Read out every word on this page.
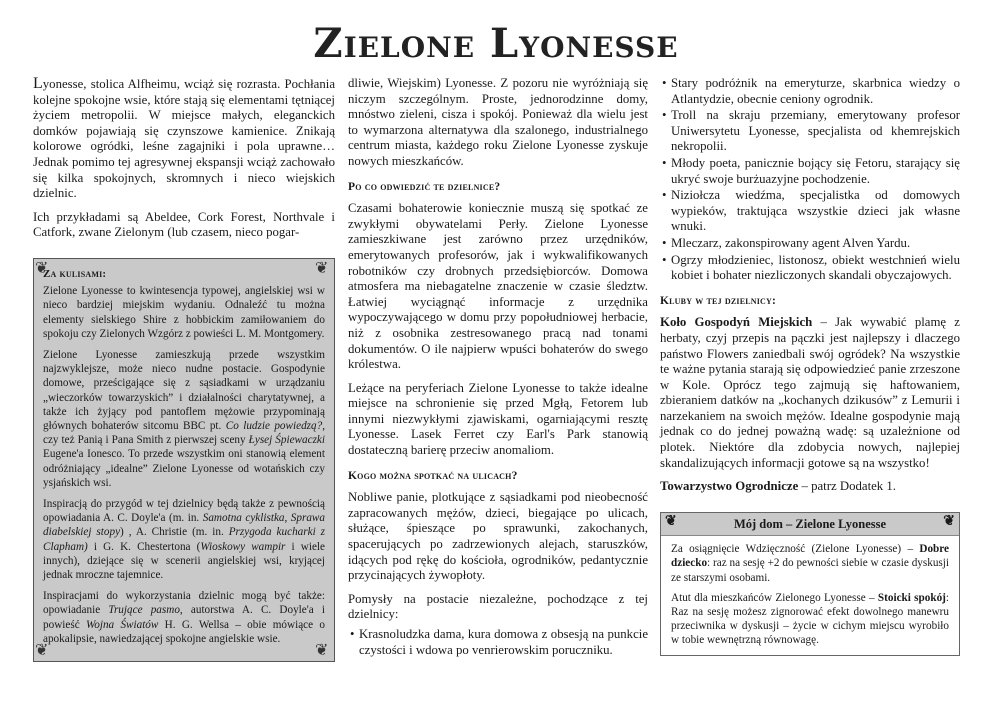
Zielone Lyonesse

Lyonesse, stolica Alfheimu, wciąż się rozrasta. Pochłania kolejne spokojne wsie, które stają się elementami tętniącej życiem metropolii. W miejsce małych, eleganckich domków pojawiają się czynszowe kamienice. Znikają kolorowe ogródki, leśne zagajniki i pola uprawne… Jednak pomimo tej agresywnej ekspansji wciąż zachowało się kilka spokojnych, skromnych i nieco wiejskich dzielnic.

Ich przykładami są Abeldee, Cork Forest, Northvale i Catfork, zwane Zielonym (lub czasem, nieco pogar-

❦	❦
❦	❦
Za kulisami:

Zielone Lyonesse to kwintesencja typowej, angielskiej wsi w nieco bardziej miejskim wydaniu. Odnaleźć tu można elementy sielskiego Shire z hobbickim zamiłowaniem do spokoju czy Zielonych Wzgórz z powieści L. M. Montgomery.

Zielone Lyonesse zamieszkują przede wszystkim najzwyklejsze, może nieco nudne postacie. Gospodynie domowe, prześcigające się z sąsiadkami w urządzaniu „wieczorków towarzyskich” i działalności charytatywnej, a także ich żyjący pod pantoflem mężowie przypominają głównych bohaterów sitcomu BBC pt. Co ludzie powiedzą?, czy też Panią i Pana Smith z pierwszej sceny Łysej Śpiewaczki Eugene'a Ionesco. To przede wszystkim oni stanowią element odróżniający „idealne” Zielone Lyonesse od wotańskich czy ysjańskich wsi.

Inspiracją do przygód w tej dzielnicy będą także z pewnością opowiadania A. C. Doyle'a (m. in. Samotna cyklistka, Sprawa diabelskiej stopy) , A. Christie (m. in. Przygoda kucharki z Clapham) i G. K. Chestertona (Wioskowy wampir i wiele innych), dziejące się w scenerii angielskiej wsi, kryjącej jednak mroczne tajemnice.

Inspiracjami do wykorzystania dzielnic mogą być także: opowiadanie Trujące pasmo, autorstwa A. C. Doyle'a i powieść Wojna Światów H. G. Wellsa – obie mówiące o apokalipsie, nawiedzającej spokojne angielskie wsie.

dliwie, Wiejskim) Lyonesse. Z pozoru nie wyróżniają się niczym szczególnym. Proste, jednorodzinne domy, mnóstwo zieleni, cisza i spokój. Ponieważ dla wielu jest to wymarzona alternatywa dla szalonego, industrialnego centrum miasta, każdego roku Zielone Lyonesse zyskuje nowych mieszkańców.

Po co odwiedzić te dzielnice?

Czasami bohaterowie koniecznie muszą się spotkać ze zwykłymi obywatelami Perły. Zielone Lyonesse zamieszkiwane jest zarówno przez urzędników, emerytowanych profesorów, jak i wykwalifikowanych robotników czy drobnych przedsiębiorców. Domowa atmosfera ma niebagatelne znaczenie w czasie śledztw. Łatwiej wyciągnąć informacje z urzędnika wypoczywającego w domu przy popołudniowej herbacie, niż z osobnika zestresowanego pracą nad tonami dokumentów. O ile najpierw wpuści bohaterów do swego królestwa.

Leżące na peryferiach Zielone Lyonesse to także idealne miejsce na schronienie się przed Mgłą, Fetorem lub innymi niezwykłymi zjawiskami, ogarniającymi resztę Lyonesse. Lasek Ferret czy Earl's Park stanowią dostateczną barierę przeciw anomaliom.

Kogo można spotkać na ulicach?

Nobliwe panie, plotkujące z sąsiadkami pod nieobecność zapracowanych mężów, dzieci, biegające po ulicach, służące, śpieszące po sprawunki, zakochanych, spacerujących po zadrzewionych alejach, staruszków, idących pod rękę do kościoła, ogrodników, pedantycznie przycinających żywopłoty.

Pomysły na postacie niezależne, pochodzące z tej dzielnicy:

• Krasnoludzka dama, kura domowa z obsesją na punkcie czystości i wdowa po venrierowskim poruczniku.
• Stary podróżnik na emeryturze, skarbnica wiedzy o Atlantydzie, obecnie ceniony ogrodnik.
• Troll na skraju przemiany, emerytowany profesor Uniwersytetu Lyonesse, specjalista od khemrejskich nekropolii.
• Młody poeta, panicznie bojący się Fetoru, starający się ukryć swoje burżuazyjne pochodzenie.
• Niziołcza wiedźma, specjalistka od domowych wypieków, traktująca wszystkie dzieci jak własne wnuki.
• Mleczarz, zakonspirowany agent Alven Yardu.
• Ogrzy młodzieniec, listonosz, obiekt westchnień wielu kobiet i bohater niezliczonych skandali obyczajowych.
Kluby w tej dzielnicy:

Koło Gospodyń Miejskich – Jak wywabić plamę z herbaty, czyj przepis na pączki jest najlepszy i dlaczego państwo Flowers zaniedbali swój ogródek? Na wszystkie te ważne pytania starają się odpowiedzieć panie zrzeszone w Kole. Oprócz tego zajmują się haftowaniem, zbieraniem datków na „kochanych dzikusów” z Lemurii i narzekaniem na swoich mężów. Idealne gospodynie mają jednak co do jednej poważną wadę: są uzależnione od plotek. Niektóre dla zdobycia nowych, najlepiej skandalizujących informacji gotowe są na wszystko!

Towarzystwo Ogrodnicze – patrz Dodatek 1.

❦	Mój dom – Zielone Lyonesse	❦

Za osiągnięcie Wdzięczność (Zielone Lyonesse) – Dobre dziecko: raz na sesję +2 do pewności siebie w czasie dyskusji ze starszymi osobami.

Atut dla mieszkańców Zielonego Lyonesse – Stoicki spokój: Raz na sesję możesz zignorować efekt dowolnego manewru przeciwnika w dyskusji – życie w cichym miejscu wyrobiło w tobie wewnętrzną równowagę.
